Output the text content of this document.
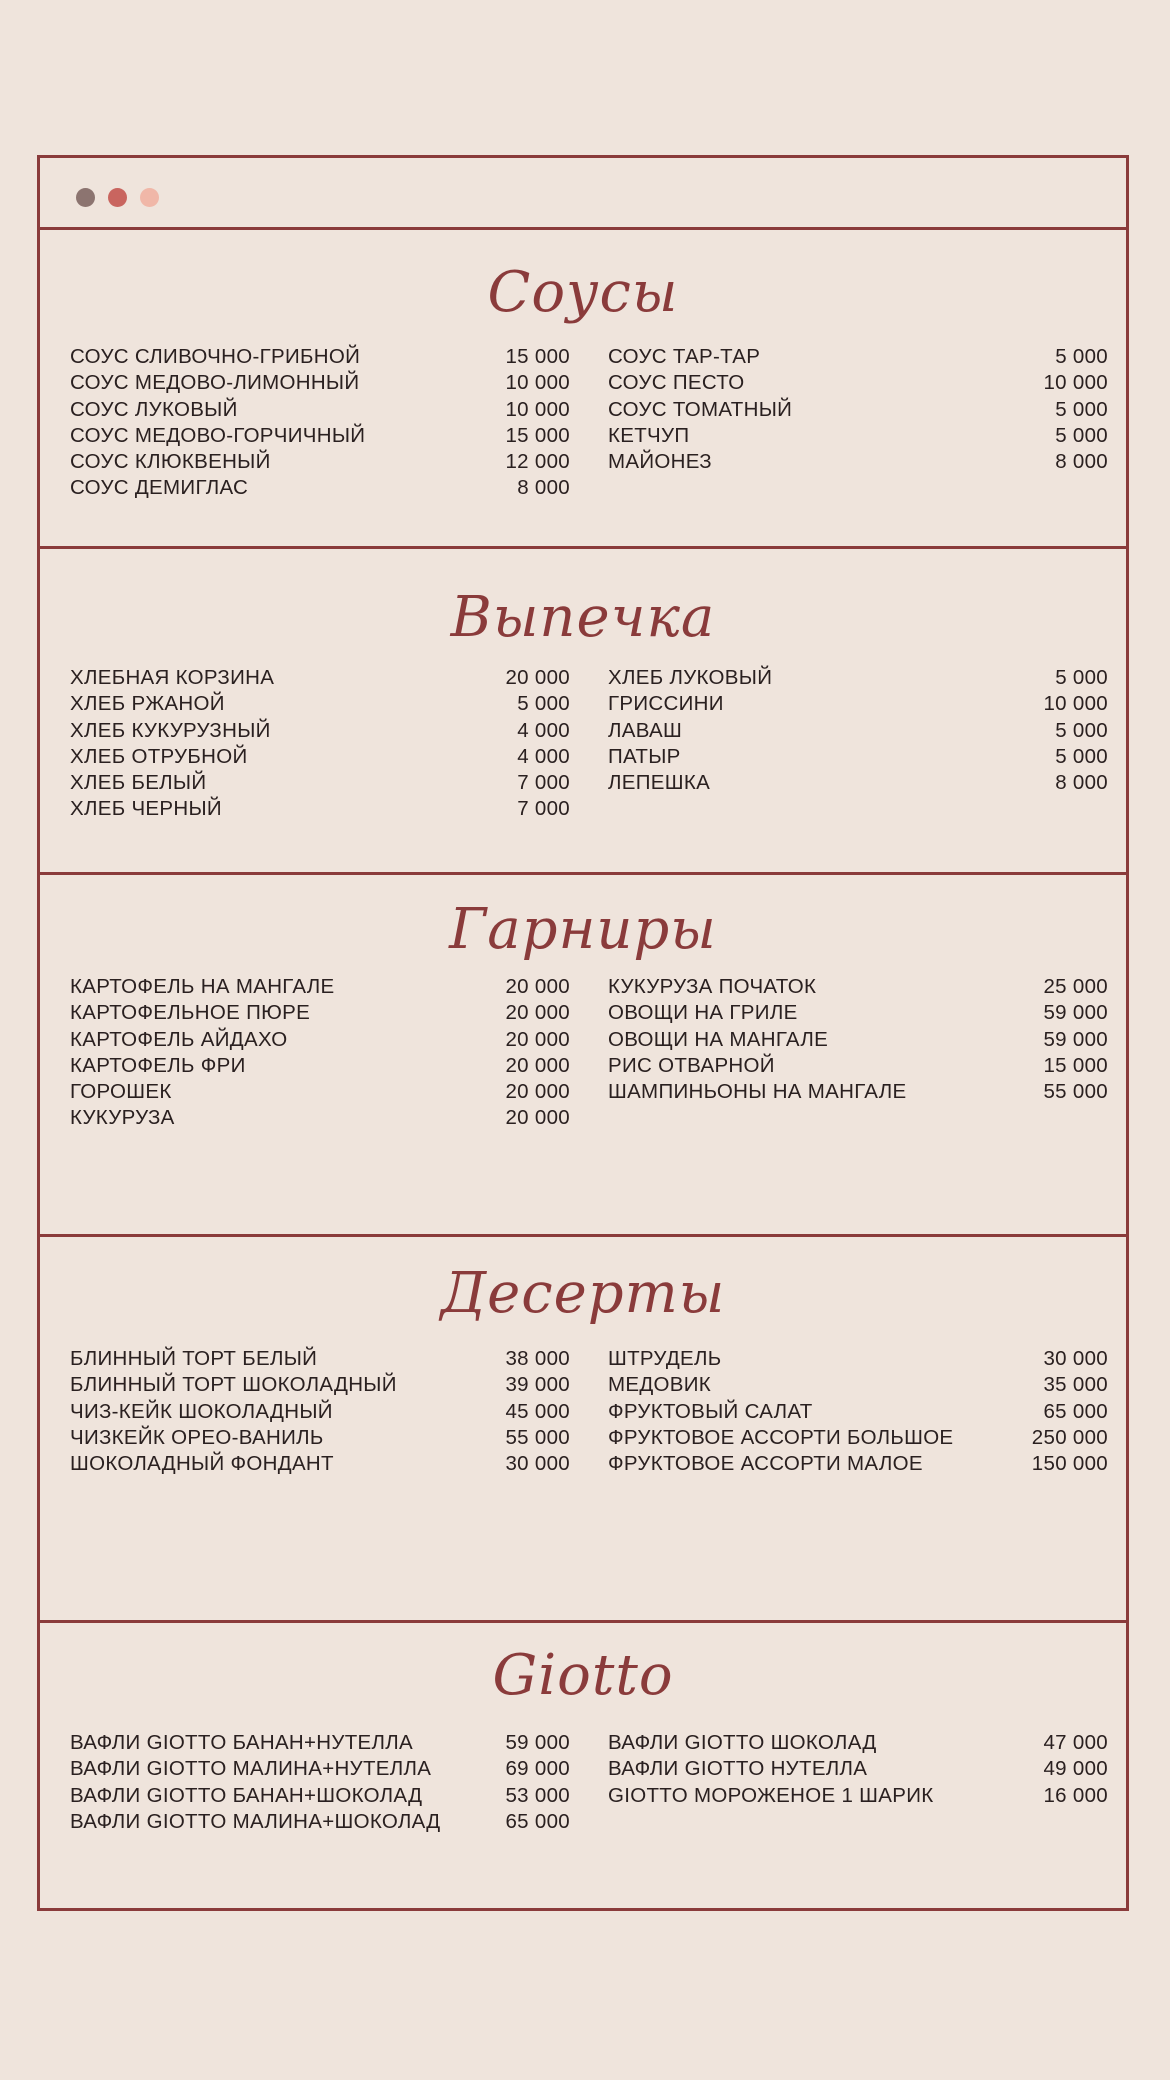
Соусы
СОУС СЛИВОЧНО-ГРИБНОЙ	15 000
СОУС МЕДОВО-ЛИМОННЫЙ	10 000
СОУС ЛУКОВЫЙ	10 000
СОУС МЕДОВО-ГОРЧИЧНЫЙ	15 000
СОУС КЛЮКВЕНЫЙ	12 000
СОУС ДЕМИГЛАС	8 000
СОУС ТАР-ТАР	5 000
СОУС ПЕСТО	10 000
СОУС ТОМАТНЫЙ	5 000
КЕТЧУП	5 000
МАЙОНЕЗ	8 000
Выпечка
ХЛЕБНАЯ КОРЗИНА	20 000
ХЛЕБ РЖАНОЙ	5 000
ХЛЕБ КУКУРУЗНЫЙ	4 000
ХЛЕБ ОТРУБНОЙ	4 000
ХЛЕБ БЕЛЫЙ	7 000
ХЛЕБ ЧЕРНЫЙ	7 000
ХЛЕБ ЛУКОВЫЙ	5 000
ГРИССИНИ	10 000
ЛАВАШ	5 000
ПАТЫР	5 000
ЛЕПЕШКА	8 000
Гарниры
КАРТОФЕЛЬ НА МАНГАЛЕ	20 000
КАРТОФЕЛЬНОЕ ПЮРЕ	20 000
КАРТОФЕЛЬ АЙДАХО	20 000
КАРТОФЕЛЬ ФРИ	20 000
ГОРОШЕК	20 000
КУКУРУЗА	20 000
КУКУРУЗА ПОЧАТОК	25 000
ОВОЩИ НА ГРИЛЕ	59 000
ОВОЩИ НА МАНГАЛЕ	59 000
РИС ОТВАРНОЙ	15 000
ШАМПИНЬОНЫ НА МАНГАЛЕ	55 000
Десерты
БЛИННЫЙ ТОРТ БЕЛЫЙ	38 000
БЛИННЫЙ ТОРТ ШОКОЛАДНЫЙ	39 000
ЧИЗ-КЕЙК ШОКОЛАДНЫЙ	45 000
ЧИЗКЕЙК ОРЕО-ВАНИЛЬ	55 000
ШОКОЛАДНЫЙ ФОНДАНТ	30 000
ШТРУДЕЛЬ	30 000
МЕДОВИК	35 000
ФРУКТОВЫЙ САЛАТ	65 000
ФРУКТОВОЕ АССОРТИ БОЛЬШОЕ	250 000
ФРУКТОВОЕ АССОРТИ МАЛОЕ	150 000
Giotto
ВАФЛИ GIOTTO БАНАН+НУТЕЛЛА	59 000
ВАФЛИ GIOTTO МАЛИНА+НУТЕЛЛА	69 000
ВАФЛИ GIOTTO БАНАН+ШОКОЛАД	53 000
ВАФЛИ GIOTTO МАЛИНА+ШОКОЛАД	65 000
ВАФЛИ GIOTTO ШОКОЛАД	47 000
ВАФЛИ GIOTTO НУТЕЛЛА	49 000
GIOTTO МОРОЖЕНОЕ 1 ШАРИК	16 000
